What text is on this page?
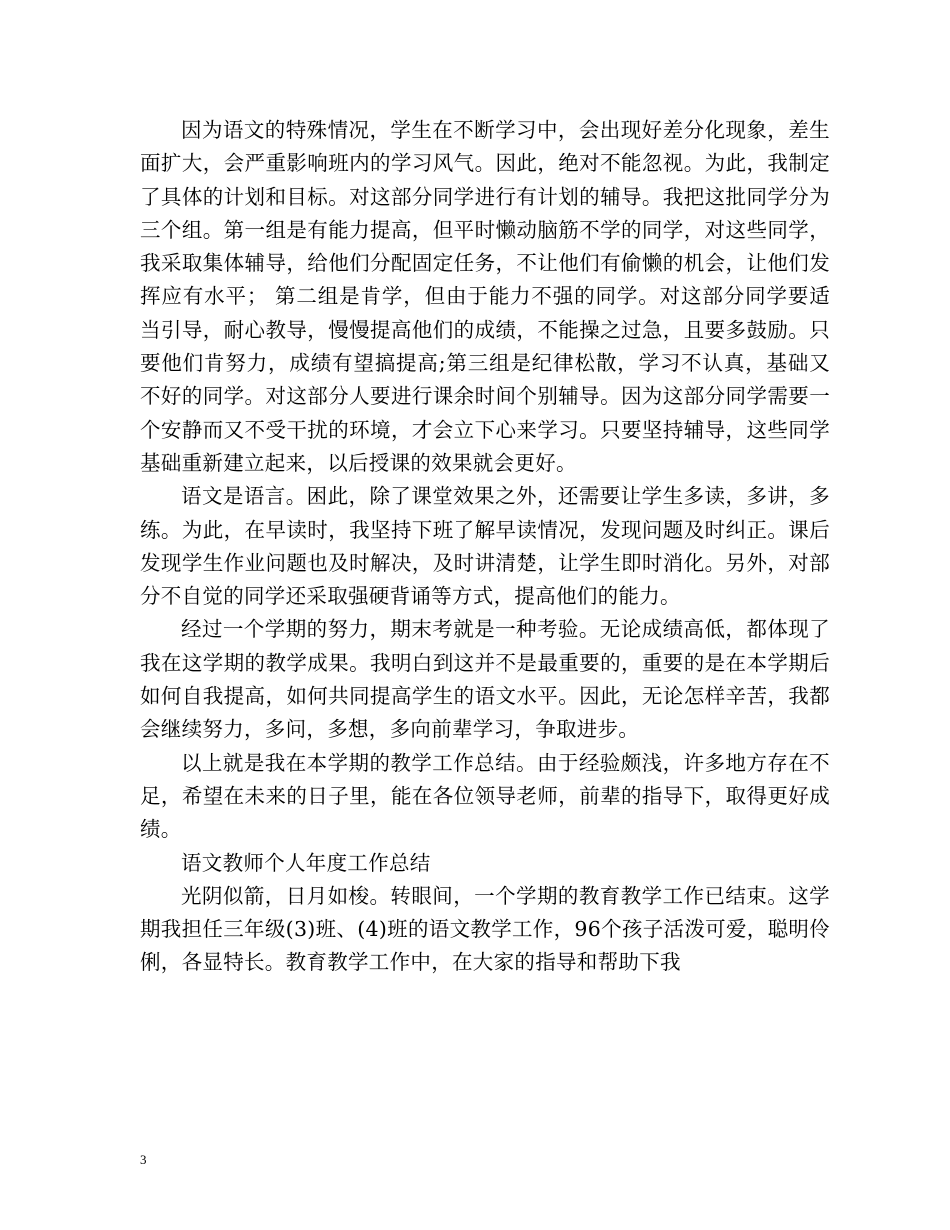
因为语文的特殊情况，学生在不断学习中，会出现好差分化现象，差生面扩大，会严重影响班内的学习风气。因此，绝对不能忽视。为此，我制定了具体的计划和目标。对这部分同学进行有计划的辅导。我把这批同学分为三个组。第一组是有能力提高，但平时懒动脑筋不学的同学，对这些同学，我采取集体辅导，给他们分配固定任务，不让他们有偷懒的机会，让他们发挥应有水平； 第二组是肯学，但由于能力不强的同学。对这部分同学要适当引导，耐心教导，慢慢提高他们的成绩，不能操之过急，且要多鼓励。只要他们肯努力，成绩有望搞提高;第三组是纪律松散，学习不认真，基础又不好的同学。对这部分人要进行课余时间个别辅导。因为这部分同学需要一个安静而又不受干扰的环境，才会立下心来学习。只要坚持辅导，这些同学基础重新建立起来，以后授课的效果就会更好。

语文是语言。困此，除了课堂效果之外，还需要让学生多读，多讲，多练。为此，在早读时，我坚持下班了解早读情况，发现问题及时纠正。课后发现学生作业问题也及时解决，及时讲清楚，让学生即时消化。另外，对部分不自觉的同学还采取强硬背诵等方式，提高他们的能力。

经过一个学期的努力，期末考就是一种考验。无论成绩高低，都体现了我在这学期的教学成果。我明白到这并不是最重要的，重要的是在本学期后如何自我提高，如何共同提高学生的语文水平。因此，无论怎样辛苦，我都会继续努力，多问，多想，多向前辈学习，争取进步。

以上就是我在本学期的教学工作总结。由于经验颇浅，许多地方存在不足，希望在未来的日子里，能在各位领导老师，前辈的指导下，取得更好成绩。

语文教师个人年度工作总结

光阴似箭，日月如梭。转眼间，一个学期的教育教学工作已结束。这学期我担任三年级(3)班、(4)班的语文教学工作，96个孩子活泼可爱，聪明伶俐，各显特长。教育教学工作中，在大家的指导和帮助下我

3
